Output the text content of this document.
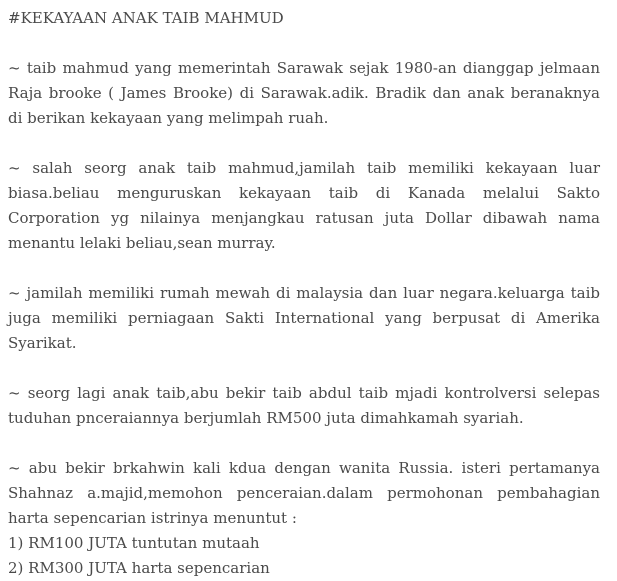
#KEKAYAAN ANAK TAIB MAHMUD

~ taib mahmud yang memerintah Sarawak sejak 1980-an dianggap jelmaan Raja brooke ( James Brooke) di Sarawak.adik. Bradik dan anak beranaknya di berikan kekayaan yang melimpah ruah.

~ salah seorg anak taib mahmud,jamilah taib memiliki kekayaan luar biasa.beliau menguruskan kekayaan taib di Kanada melalui Sakto Corporation yg nilainya menjangkau ratusan juta Dollar dibawah nama menantu lelaki beliau,sean murray.

~ jamilah memiliki rumah mewah di malaysia dan luar negara.keluarga taib juga memiliki perniagaan Sakti International yang berpusat di Amerika Syarikat.

~ seorg lagi anak taib,abu bekir taib abdul taib mjadi kontrolversi selepas tuduhan pnceraiannya berjumlah RM500 juta dimahkamah syariah.

~ abu bekir brkahwin kali kdua dengan wanita Russia. isteri pertamanya Shahnaz a.majid,memohon penceraian.dalam permohonan pembahagian harta sepencarian istrinya menuntut :

1) RM100 JUTA tuntutan mutaah

2) RM300 JUTA harta sepencarian
